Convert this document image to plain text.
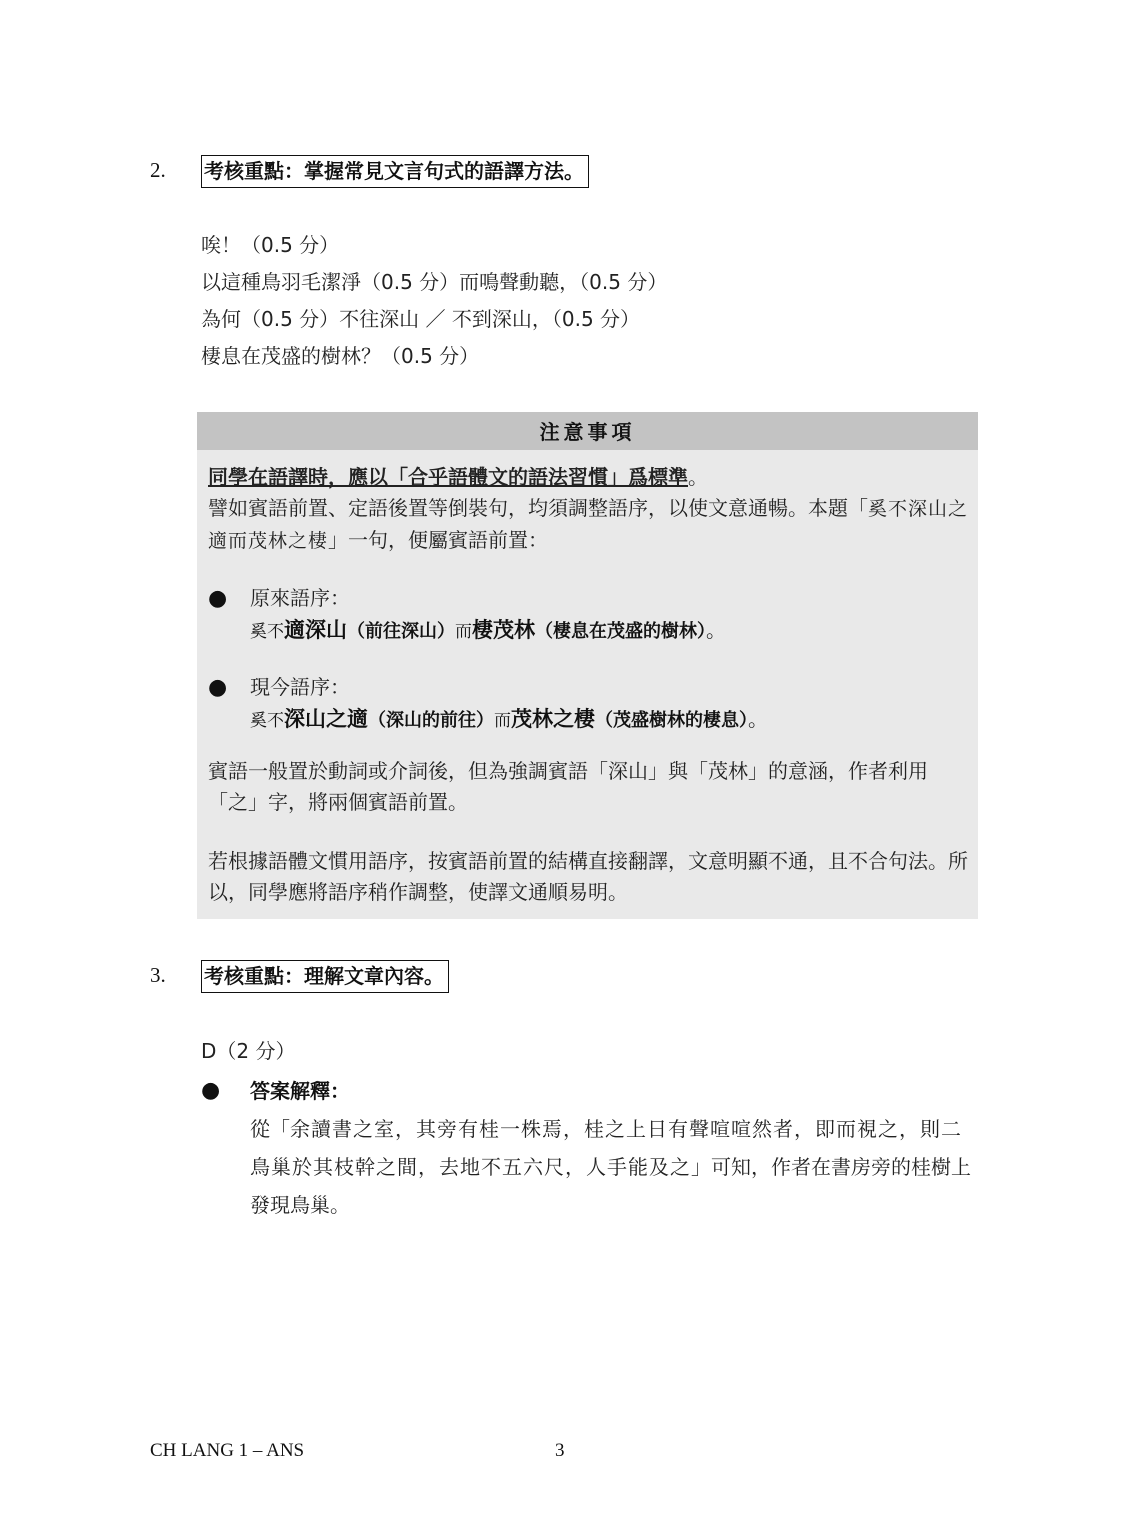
2. 考核重點：掌握常見文言句式的語譯方法。
唉！（0.5 分）
以這種鳥羽毛潔淨（0.5 分）而鳴聲動聽，（0.5 分）
為何（0.5 分）不往深山 ／ 不到深山，（0.5 分）
棲息在茂盛的樹林？（0.5 分）
注意事項
同學在語譯時，應以「合乎語體文的語法習慣」爲標準。
譬如賓語前置、定語後置等倒裝句，均須調整語序，以使文意通暢。本題「奚不深山之適而茂林之棲」一句，便屬賓語前置：
● 原來語序：
奚不適深山（前往深山）而棲茂林（棲息在茂盛的樹林）。
● 現今語序：
奚不深山之適（深山的前往）而茂林之棲（茂盛樹林的棲息）。
賓語一般置於動詞或介詞後，但為強調賓語「深山」與「茂林」的意涵，作者利用「之」字，將兩個賓語前置。
若根據語體文慣用語序，按賓語前置的結構直接翻譯，文意明顯不通，且不合句法。所以，同學應將語序稍作調整，使譯文通順易明。
3. 考核重點：理解文章內容。
D（2 分）
● 答案解釋：
從「余讀書之室，其旁有桂一株焉，桂之上日有聲喧喧然者，即而視之，則二鳥巢於其枝幹之間，去地不五六尺，人手能及之」可知，作者在書房旁的桂樹上發現鳥巢。
CH LANG 1 – ANS	3
